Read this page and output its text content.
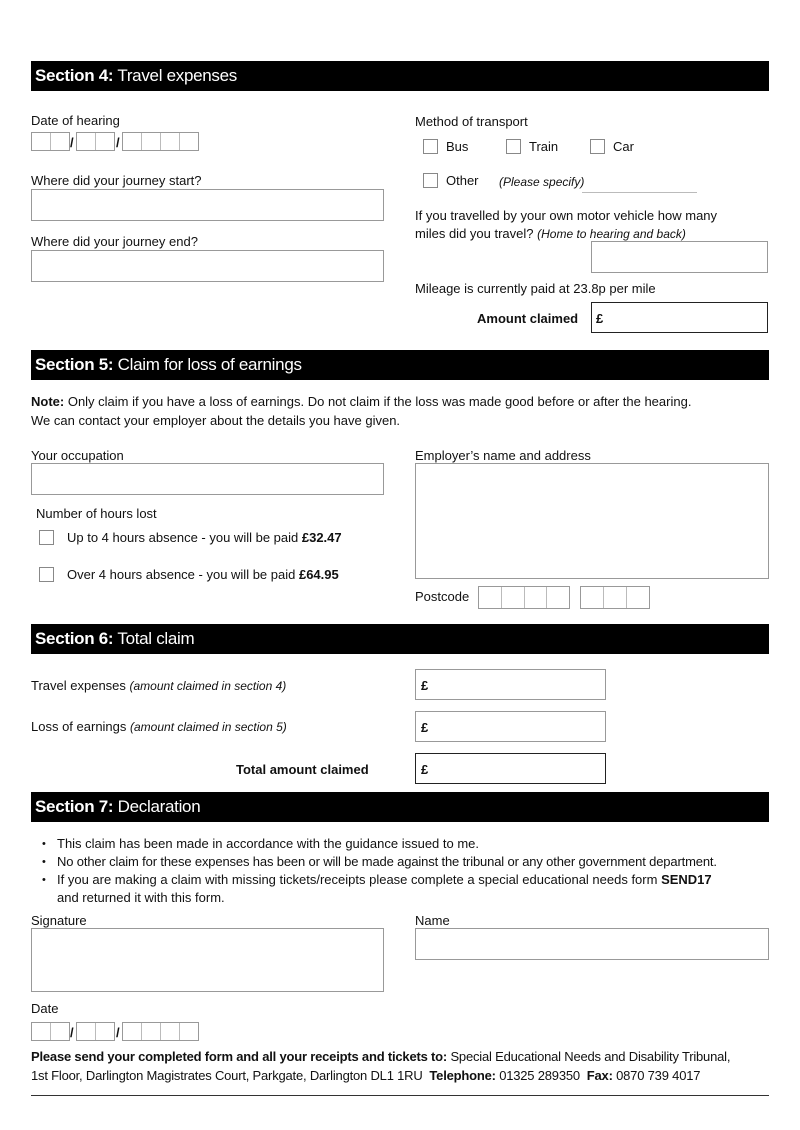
Section 4: Travel expenses
Date of hearing
/	/
Where did your journey start?
Where did your journey end?
Method of transport
Bus	Train	Car
Other (Please specify)
If you travelled by your own motor vehicle how many
miles did you travel? (Home to hearing and back)
Mileage is currently paid at 23.8p per mile
Amount claimed £
Section 5: Claim for loss of earnings
Note: Only claim if you have a loss of earnings. Do not claim if the loss was made good before or after the hearing.
We can contact your employer about the details you have given.
Your occupation	Employer’s name and address
Number of hours lost
Up to 4 hours absence - you will be paid £32.47
Over 4 hours absence - you will be paid £64.95
Postcode
Section 6: Total claim
Travel expenses (amount claimed in section 4)	£
Loss of earnings (amount claimed in section 5)	£
Total amount claimed	£
Section 7: Declaration
• This claim has been made in accordance with the guidance issued to me.
• No other claim for these expenses has been or will be made against the tribunal or any other government department.
• If you are making a claim with missing tickets/receipts please complete a special educational needs form SEND17
and returned it with this form.
Signature	Name
Date
/	/
Please send your completed form and all your receipts and tickets to: Special Educational Needs and Disability Tribunal,
1st Floor, Darlington Magistrates Court, Parkgate, Darlington DL1 1RU Telephone: 01325 289350 Fax: 0870 739 4017
